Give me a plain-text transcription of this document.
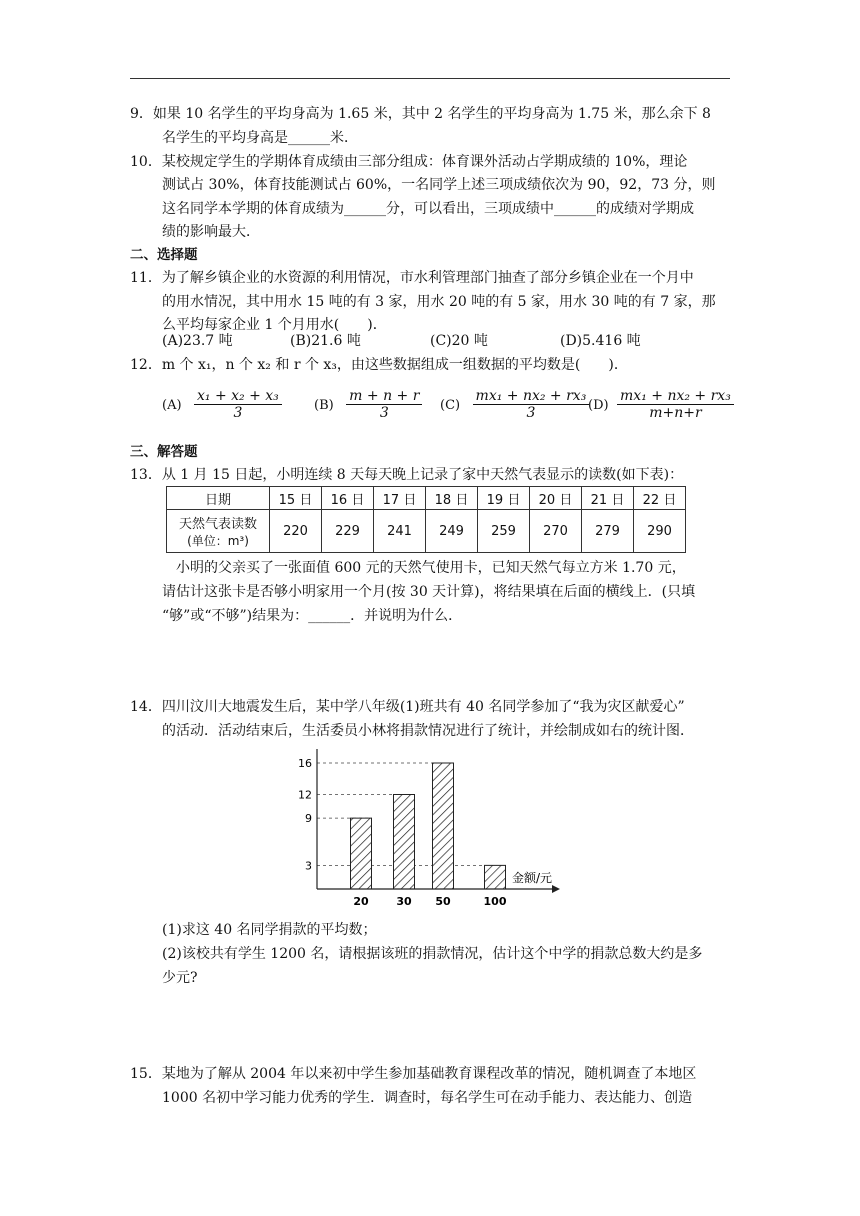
9．如果 10 名学生的平均身高为 1.65 米，其中 2 名学生的平均身高为 1.75 米，那么余下 8
名学生的平均身高是______米．
10．某校规定学生的学期体育成绩由三部分组成：体育课外活动占学期成绩的 10%，理论
测试占 30%，体育技能测试占 60%，一名同学上述三项成绩依次为 90，92，73 分，则
这名同学本学期的体育成绩为______分，可以看出，三项成绩中______的成绩对学期成
绩的影响最大．
二、选择题
11．为了解乡镇企业的水资源的利用情况，市水利管理部门抽查了部分乡镇企业在一个月中
的用水情况，其中用水 15 吨的有 3 家，用水 20 吨的有 5 家，用水 30 吨的有 7 家，那
么平均每家企业 1 个月用水(　　)．
(A)23.7 吨	(B)21.6 吨	(C)20 吨	(D)5.416 吨
12．m 个 x₁，n 个 x₂ 和 r 个 x₃，由这些数据组成一组数据的平均数是(　　)．
$(A) \frac{\text{x₁ + x₂ + x₃}}{3} (B) \frac{m + n + r}{3} (C) \frac{\text{mx₁ + nx₂ + rx₃}}{3}$
$(D) \frac{\text{mx₁ + nx₂ + rx₃}}{m+n+r}$
三、解答题
13．从 1 月 15 日起，小明连续 8 天每天晚上记录了家中天然气表显示的读数(如下表)：
日期	15 日	16 日	17 日	18 日	19 日	20 日	21 日	22 日

天然气表读数
(单位：m³)	220	229	241	249	259	270	279	290
小明的父亲买了一张面值 600 元的天然气使用卡，已知天然气每立方米 1.70 元，
请估计这张卡是否够小明家用一个月(按 30 天计算)，将结果填在后面的横线上．(只填
“够”或“不够”)结果为：______．并说明为什么．
14．四川汶川大地震发生后，某中学八年级(1)班共有 40 名同学参加了“我为灾区献爱心”
的活动．活动结束后，生活委员小林将捐款情况进行了统计，并绘制成如右的统计图．
3
9
12
16
20	30 50	100
金额/元
(1)求这 40 名同学捐款的平均数；
(2)该校共有学生 1200 名，请根据该班的捐款情况，估计这个中学的捐款总数大约是多
少元?
15．某地为了解从 2004 年以来初中学生参加基础教育课程改革的情况，随机调查了本地区
1000 名初中学习能力优秀的学生．调查时，每名学生可在动手能力、表达能力、创造
